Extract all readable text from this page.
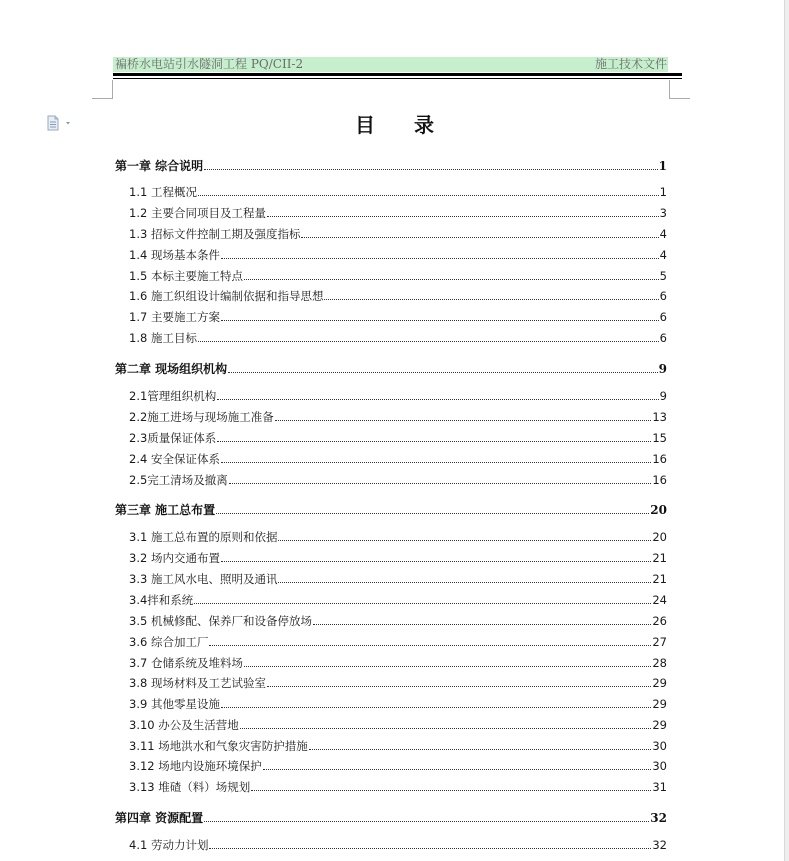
褊桥水电站引水隧洞工程 PQ/CII-2	施工技术文件
目 录
第一章 综合说明	1
1.1 工程概况	1
1.2 主要合同项目及工程量	3
1.3 招标文件控制工期及强度指标	4
1.4 现场基本条件	4
1.5 本标主要施工特点	5
1.6 施工织组设计编制依据和指导思想	6
1.7 主要施工方案	6
1.8 施工目标	6
第二章 现场组织机构	9
2.1管理组织机构	9
2.2施工进场与现场施工准备	13
2.3质量保证体系	15
2.4 安全保证体系	16
2.5完工清场及撤离	16
第三章 施工总布置	20
3.1 施工总布置的原则和依据	20
3.2 场内交通布置	21
3.3 施工风水电、照明及通讯	21
3.4拌和系统	24
3.5 机械修配、保养厂和设备停放场	26
3.6 综合加工厂	27
3.7 仓储系统及堆料场	28
3.8 现场材料及工艺试验室	29
3.9 其他零星设施	29
3.10 办公及生活营地	29
3.11 场地洪水和气象灾害防护措施	30
3.12 场地内设施环境保护	30
3.13 堆碴（料）场规划	31
第四章 资源配置	32
4.1 劳动力计划	32
